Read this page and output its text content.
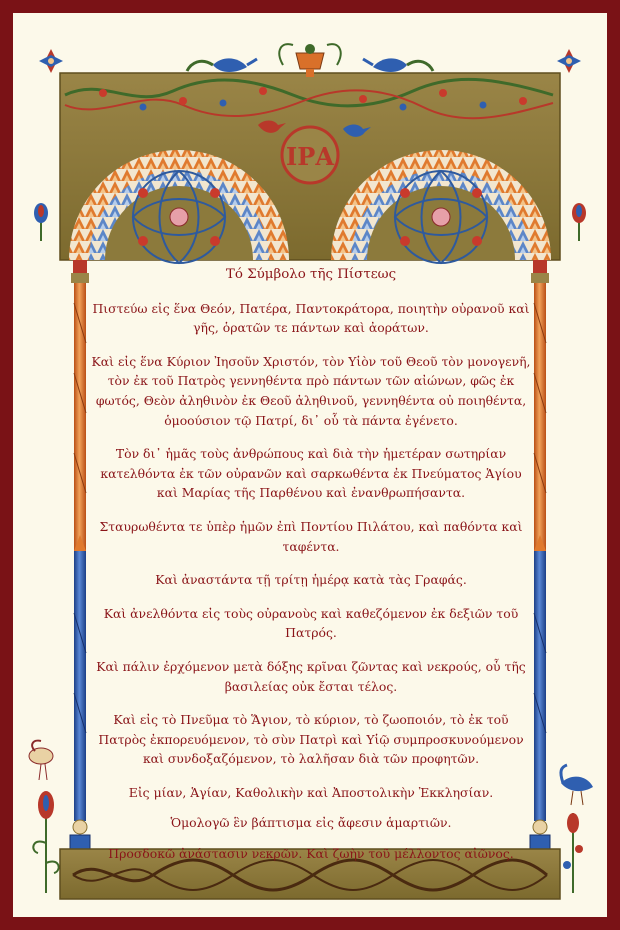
ΙΡΑ
Τό Σύμβολο τῆς Πίστεως
Πιστεύω εἰς ἕνα Θεόν, Πατέρα, Παντοκράτορα, ποιητὴν οὐρανοῦ καὶ γῆς, ὁρατῶν τε πάντων καὶ ἀοράτων.
Καὶ εἰς ἕνα Κύριον Ἰησοῦν Χριστόν, τὸν Υἱὸν τοῦ Θεοῦ τὸν μονογενῆ, τὸν ἐκ τοῦ Πατρὸς γεννηθέντα πρὸ πάντων τῶν αἰώνων, φῶς ἐκ φωτός, Θεὸν ἀληθινὸν ἐκ Θεοῦ ἀληθινοῦ, γεννηθέντα οὐ ποιηθέντα, ὁμοούσιον τῷ Πατρί, δι᾽ οὗ τὰ πάντα ἐγένετο.
Τὸν δι᾽ ἡμᾶς τοὺς ἀνθρώπους καὶ διὰ τὴν ἡμετέραν σωτηρίαν κατελθόντα ἐκ τῶν οὐρανῶν καὶ σαρκωθέντα ἐκ Πνεύματος Ἁγίου καὶ Μαρίας τῆς Παρθένου καὶ ἐνανθρωπήσαντα.
Σταυρωθέντα τε ὑπὲρ ἡμῶν ἐπὶ Ποντίου Πιλάτου, καὶ παθόντα καὶ ταφέντα.
Καὶ ἀναστάντα τῇ τρίτῃ ἡμέρᾳ κατὰ τὰς Γραφάς.
Καὶ ἀνελθόντα εἰς τοὺς οὐρανοὺς καὶ καθεζόμενον ἐκ δεξιῶν τοῦ Πατρός.
Καὶ πάλιν ἐρχόμενον μετὰ δόξης κρῖναι ζῶντας καὶ νεκρούς, οὗ τῆς βασιλείας οὐκ ἔσται τέλος.
Καὶ εἰς τὸ Πνεῦμα τὸ Ἅγιον, τὸ κύριον, τὸ ζωοποιόν, τὸ ἐκ τοῦ Πατρὸς ἐκπορευόμενον, τὸ σὺν Πατρὶ καὶ Υἱῷ συμπροσκυνούμενον καὶ συνδοξαζόμενον, τὸ λαλῆσαν διὰ τῶν προφητῶν.
Εἰς μίαν, Ἁγίαν, Καθολικὴν καὶ Ἀποστολικὴν Ἐκκλησίαν.
Ὁμολογῶ ἓν βάπτισμα εἰς ἄφεσιν ἁμαρτιῶν.
Προσδοκῶ ἀνάστασιν νεκρῶν. Καὶ ζωὴν τοῦ μέλλοντος αἰῶνος.
